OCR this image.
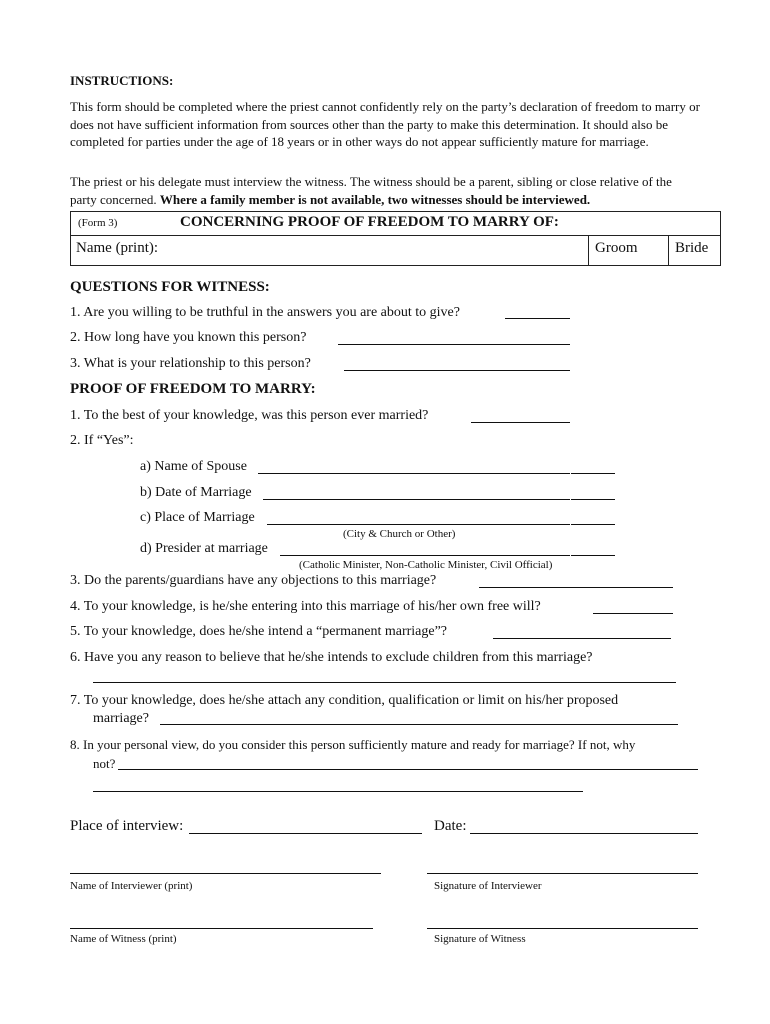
INSTRUCTIONS:
This form should be completed where the priest cannot confidently rely on the party’s declaration of freedom to marry or does not have sufficient information from sources other than the party to make this determination. It should also be completed for parties under the age of 18 years or in other ways do not appear sufficiently mature for marriage.
The priest or his delegate must interview the witness. The witness should be a parent, sibling or close relative of the party concerned. Where a family member is not available, two witnesses should be interviewed.
(Form 3)	CONCERNING PROOF OF FREEDOM TO MARRY OF:
Name (print):	Groom	Bride
QUESTIONS FOR WITNESS:
1. Are you willing to be truthful in the answers you are about to give?
2. How long have you known this person?
3. What is your relationship to this person?
PROOF OF FREEDOM TO MARRY:
1. To the best of your knowledge, was this person ever married?
2. If “Yes”:
a) Name of Spouse
b) Date of Marriage
c) Place of Marriage
(City & Church or Other)
d) Presider at marriage
(Catholic Minister, Non-Catholic Minister, Civil Official)
3. Do the parents/guardians have any objections to this marriage?
4. To your knowledge, is he/she entering into this marriage of his/her own free will?
5. To your knowledge, does he/she intend a “permanent marriage”?
6. Have you any reason to believe that he/she intends to exclude children from this marriage?
7. To your knowledge, does he/she attach any condition, qualification or limit on his/her proposed
marriage?
8. In your personal view, do you consider this person sufficiently mature and ready for marriage? If not, why
not?
Place of interview:	Date:
Name of Interviewer (print)	Signature of Interviewer
Name of Witness (print)	Signature of Witness
